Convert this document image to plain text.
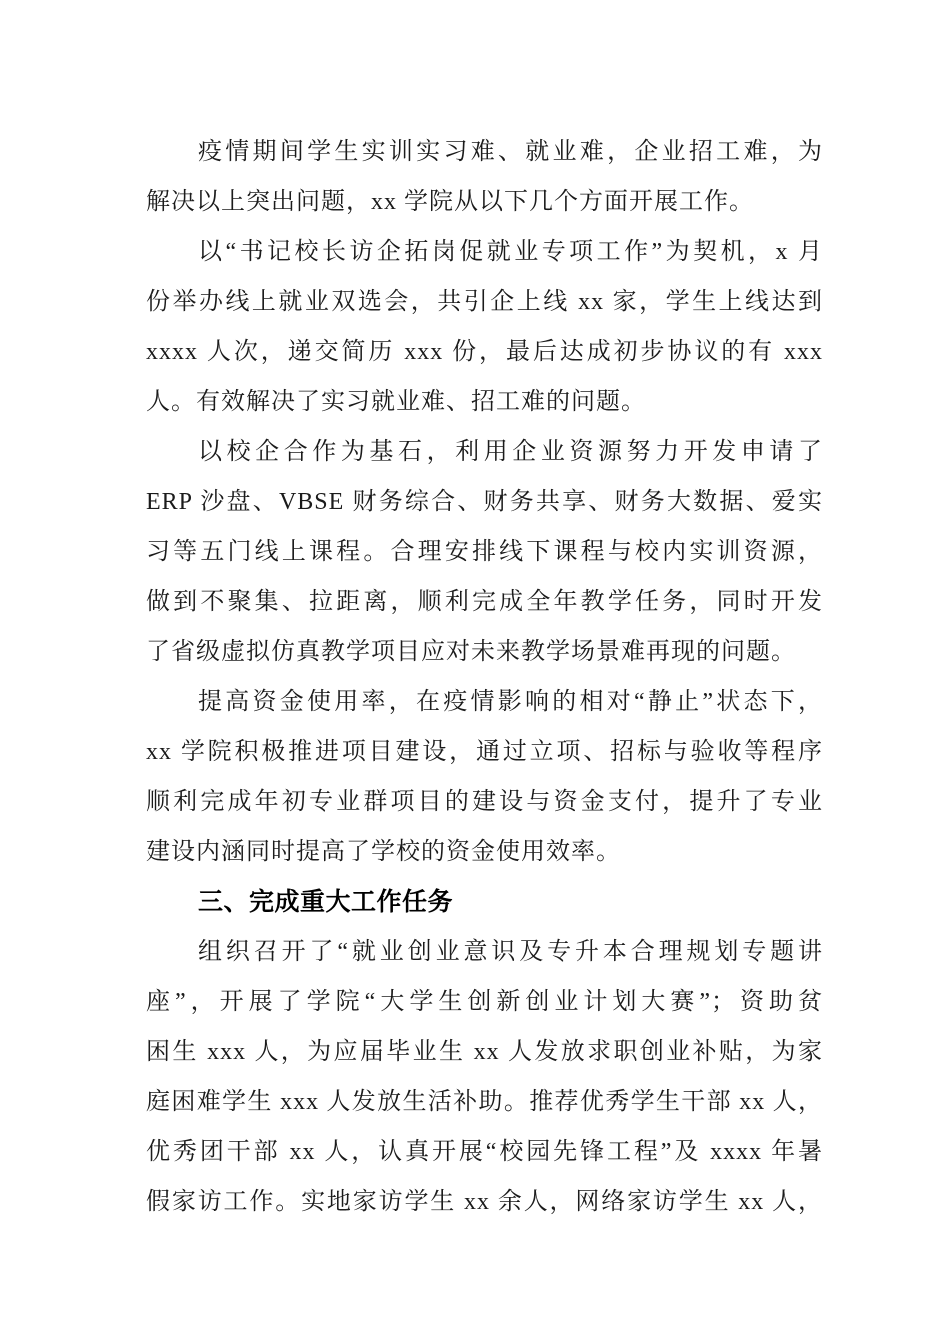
疫情期间学生实训实习难、就业难，企业招工难，为
解决以上突出问题，xx 学院从以下几个方面开展工作。
以“书记校长访企拓岗促就业专项工作”为契机，x 月
份举办线上就业双选会，共引企上线 xx 家，学生上线达到
xxxx 人次，递交简历 xxx 份，最后达成初步协议的有 xxx
人。有效解决了实习就业难、招工难的问题。
以校企合作为基石，利用企业资源努力开发申请了
ERP 沙盘、VBSE 财务综合、财务共享、财务大数据、爱实
习等五门线上课程。合理安排线下课程与校内实训资源，
做到不聚集、拉距离，顺利完成全年教学任务，同时开发
了省级虚拟仿真教学项目应对未来教学场景难再现的问题。
提高资金使用率，在疫情影响的相对“静止”状态下，
xx 学院积极推进项目建设，通过立项、招标与验收等程序
顺利完成年初专业群项目的建设与资金支付，提升了专业
建设内涵同时提高了学校的资金使用效率。
三、完成重大工作任务
组织召开了“就业创业意识及专升本合理规划专题讲
座”，开展了学院“大学生创新创业计划大赛”；资助贫
困生 xxx 人，为应届毕业生 xx 人发放求职创业补贴，为家
庭困难学生 xxx 人发放生活补助。推荐优秀学生干部 xx 人，
优秀团干部 xx 人，认真开展“校园先锋工程”及 xxxx 年暑
假家访工作。实地家访学生 xx 余人，网络家访学生 xx 人，
